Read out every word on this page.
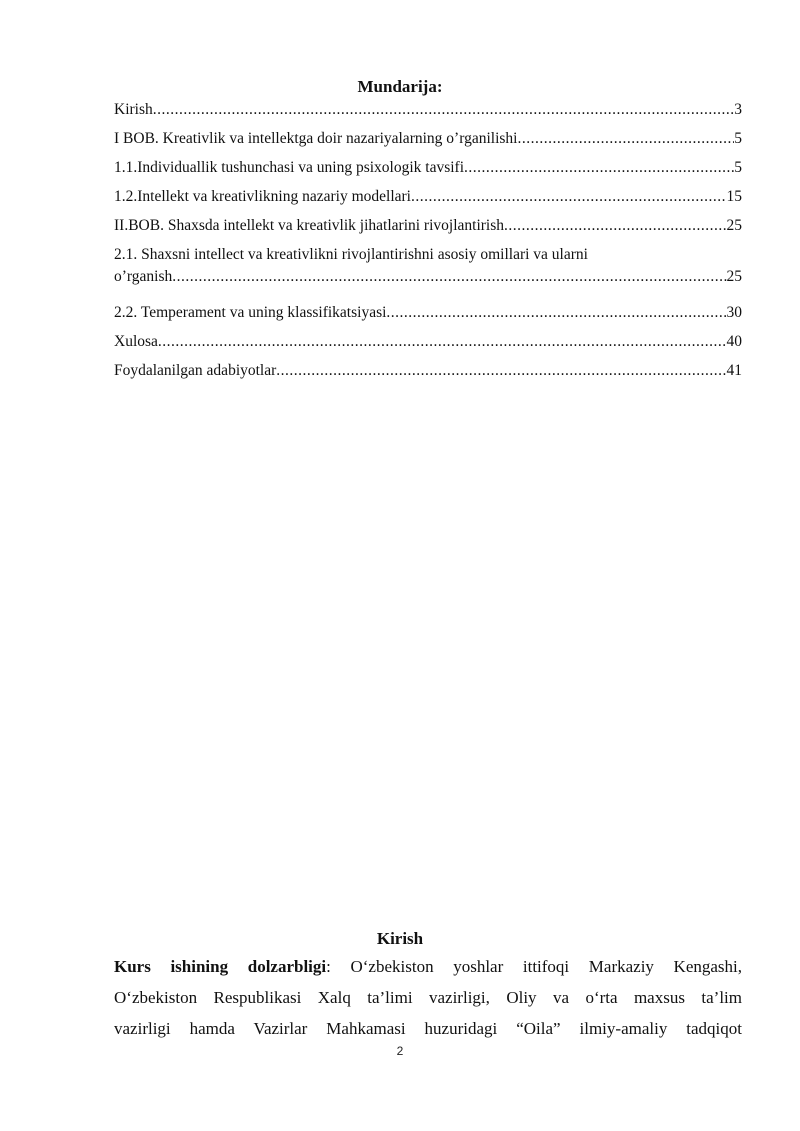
Mundarija:
Kirish .....	3
I BOB. Kreativlik va intellektga doir nazariyalarning o’rganilishi .....	5
1.1.Individuallik tushunchasi va uning psixologik tavsifi .....	5
1.2.Intellekt va kreativlikning nazariy modellari .....	15
II.BOB. Shaxsda intellekt va kreativlik jihatlarini rivojlantirish .....	25
2.1. Shaxsni intellect va kreativlikni rivojlantirishni asosiy omillari va ularni
o’rganish .....	25
2.2. Temperament va uning klassifikatsiyasi .....	30
Xulosa .....	40
Foydalanilgan adabiyotlar .....	41
Kirish
Kurs ishining dolzarbligi: O‘zbekiston yoshlar ittifoqi Markaziy Kengashi,
O‘zbekiston Respublikasi Xalq ta’limi vazirligi, Oliy va o‘rta maxsus ta’lim
vazirligi hamda Vazirlar Mahkamasi huzuridagi “Oila” ilmiy-amaliy tadqiqot
2
